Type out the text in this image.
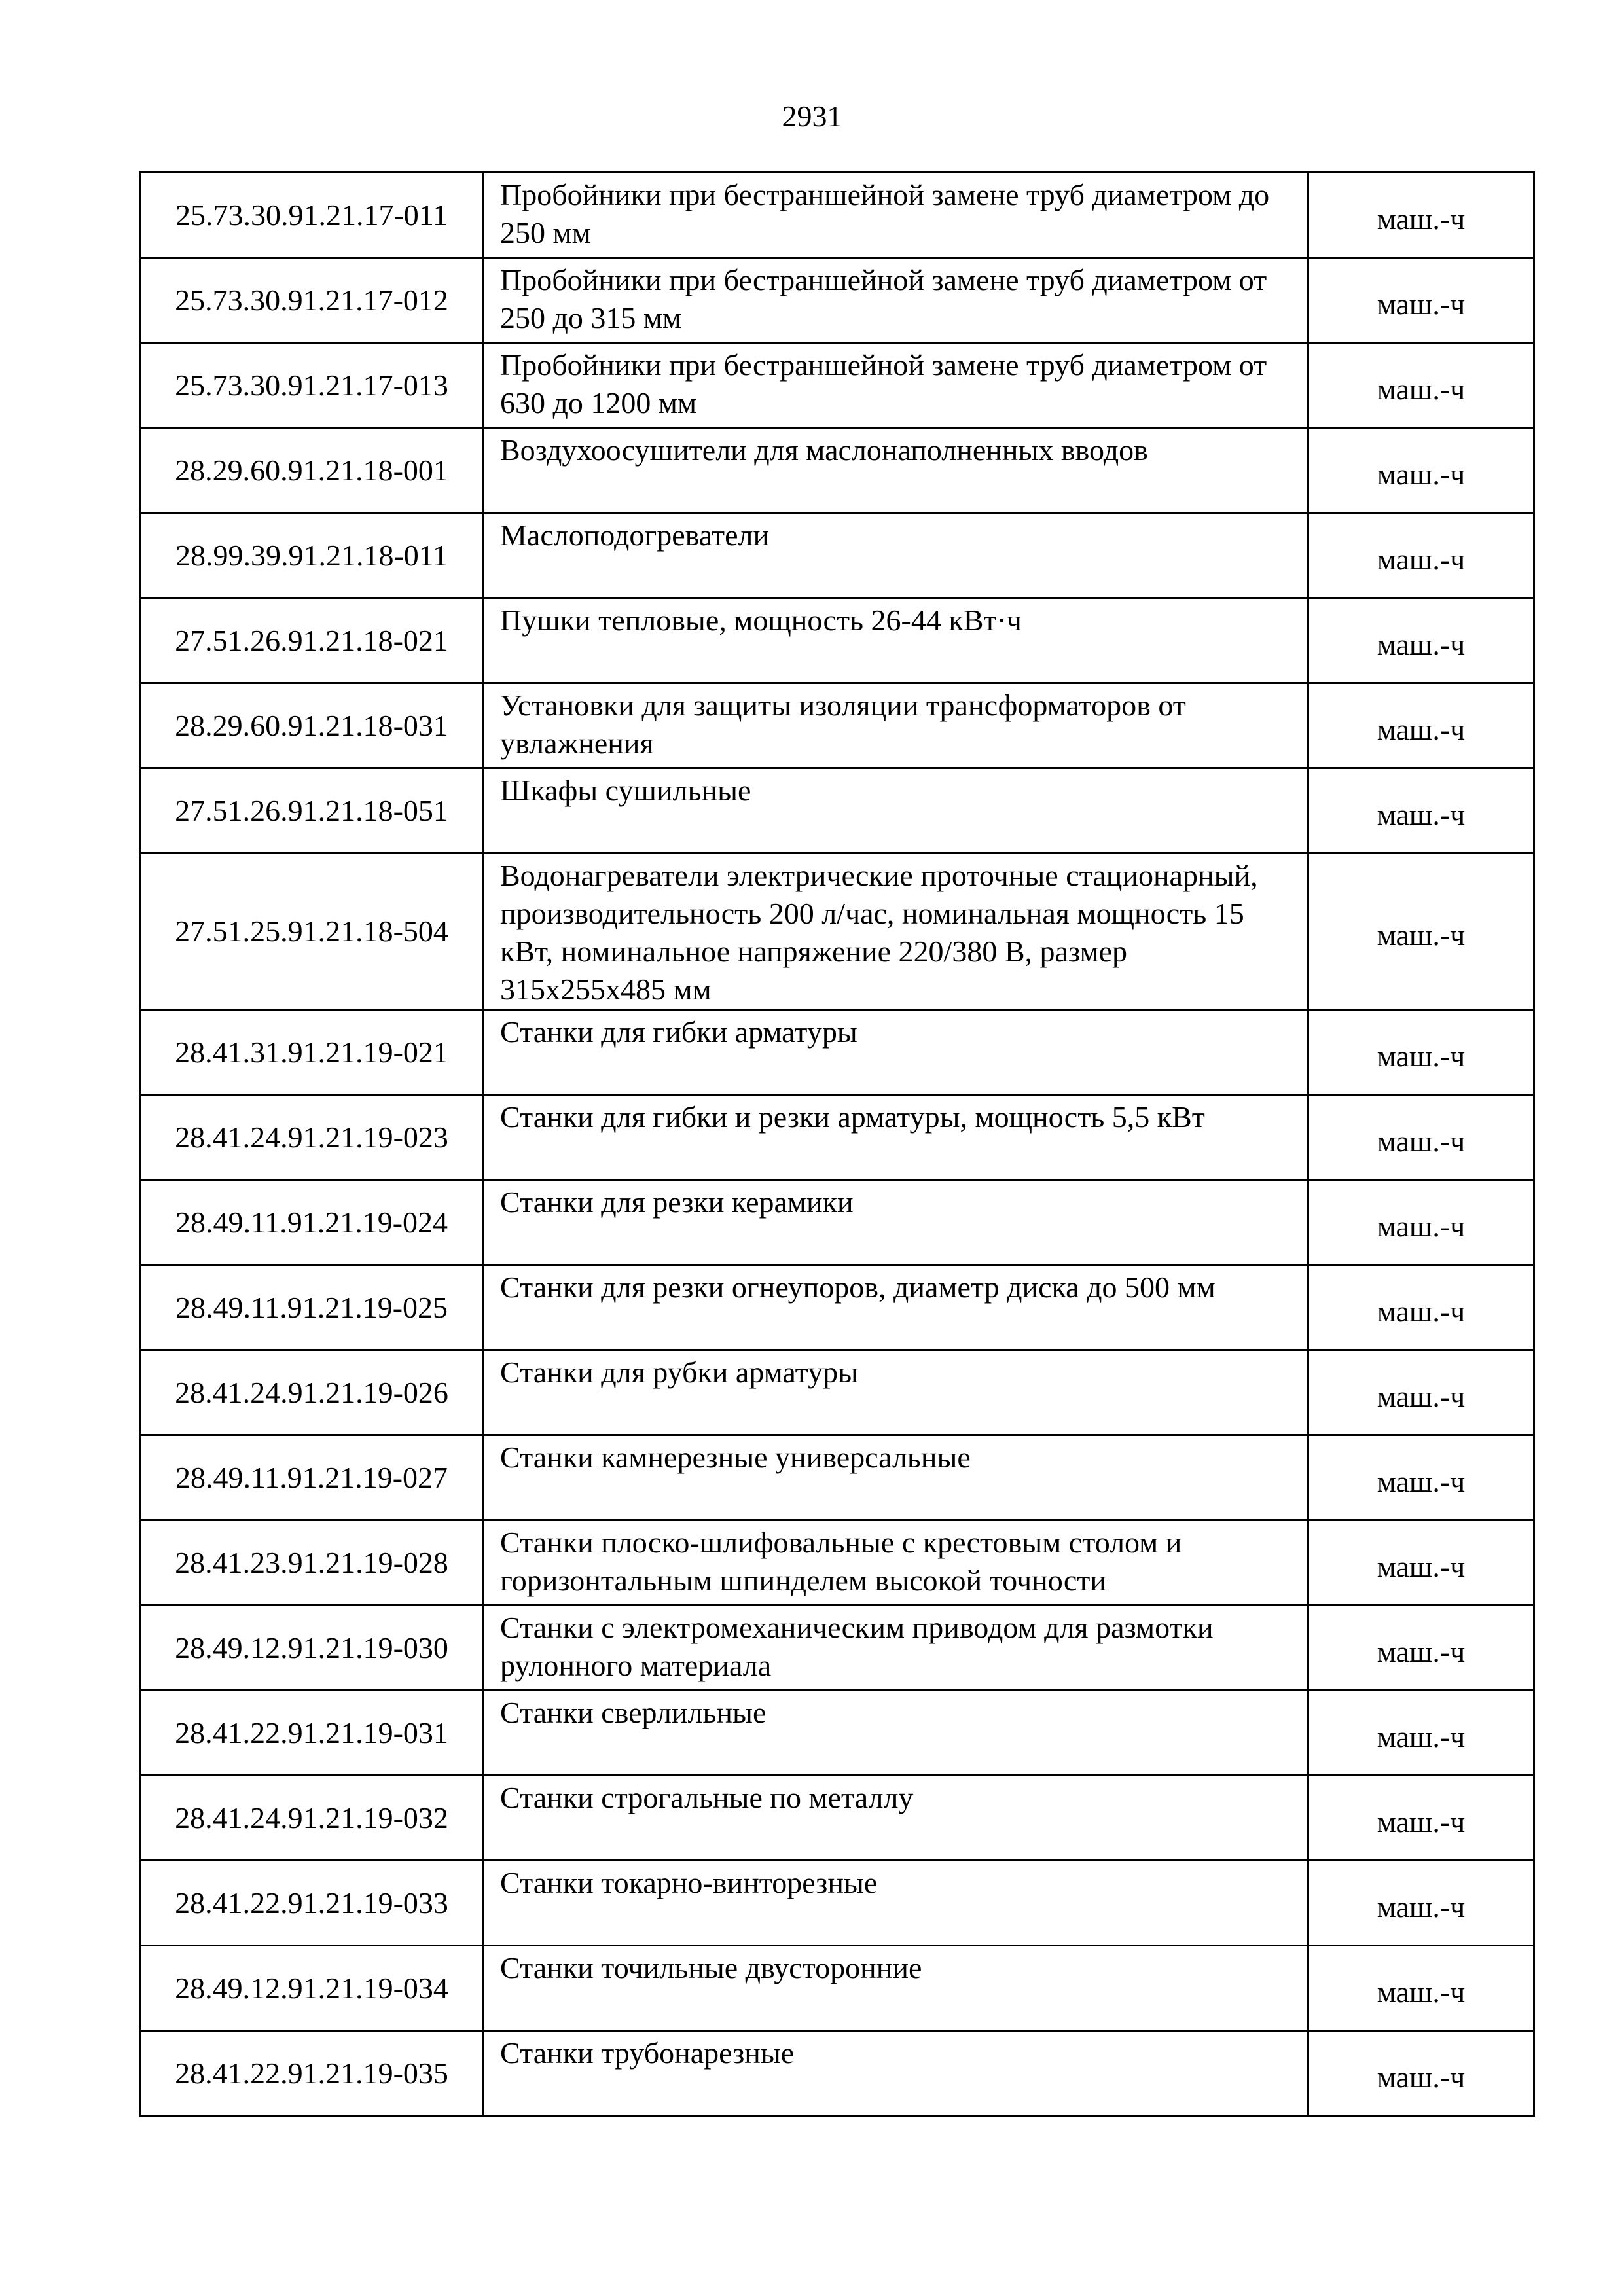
2931
25.73.30.91.21.17-011	Пробойники при бестраншейной замене труб диаметром до 250 мм	маш.-ч
25.73.30.91.21.17-012	Пробойники при бестраншейной замене труб диаметром от 250 до 315 мм	маш.-ч
25.73.30.91.21.17-013	Пробойники при бестраншейной замене труб диаметром от 630 до 1200 мм	маш.-ч
28.29.60.91.21.18-001	Воздухоосушители для маслонаполненных вводов	маш.-ч
28.99.39.91.21.18-011	Маслоподогреватели	маш.-ч
27.51.26.91.21.18-021	Пушки тепловые, мощность 26-44 кВт·ч	маш.-ч
28.29.60.91.21.18-031	Установки для защиты изоляции трансформаторов от увлажнения	маш.-ч
27.51.26.91.21.18-051	Шкафы сушильные	маш.-ч
27.51.25.91.21.18-504	Водонагреватели электрические проточные стационарный, производительность 200 л/час, номинальная мощность 15 кВт, номинальное напряжение 220/380 В, размер 315х255х485 мм	маш.-ч
28.41.31.91.21.19-021	Станки для гибки арматуры	маш.-ч
28.41.24.91.21.19-023	Станки для гибки и резки арматуры, мощность 5,5 кВт	маш.-ч
28.49.11.91.21.19-024	Станки для резки керамики	маш.-ч
28.49.11.91.21.19-025	Станки для резки огнеупоров, диаметр диска до 500 мм	маш.-ч
28.41.24.91.21.19-026	Станки для рубки арматуры	маш.-ч
28.49.11.91.21.19-027	Станки камнерезные универсальные	маш.-ч
28.41.23.91.21.19-028	Станки плоско-шлифовальные с крестовым столом и горизонтальным шпинделем высокой точности	маш.-ч
28.49.12.91.21.19-030	Станки с электромеханическим приводом для размотки рулонного материала	маш.-ч
28.41.22.91.21.19-031	Станки сверлильные	маш.-ч
28.41.24.91.21.19-032	Станки строгальные по металлу	маш.-ч
28.41.22.91.21.19-033	Станки токарно-винторезные	маш.-ч
28.49.12.91.21.19-034	Станки точильные двусторонние	маш.-ч
28.41.22.91.21.19-035	Станки трубонарезные	маш.-ч
